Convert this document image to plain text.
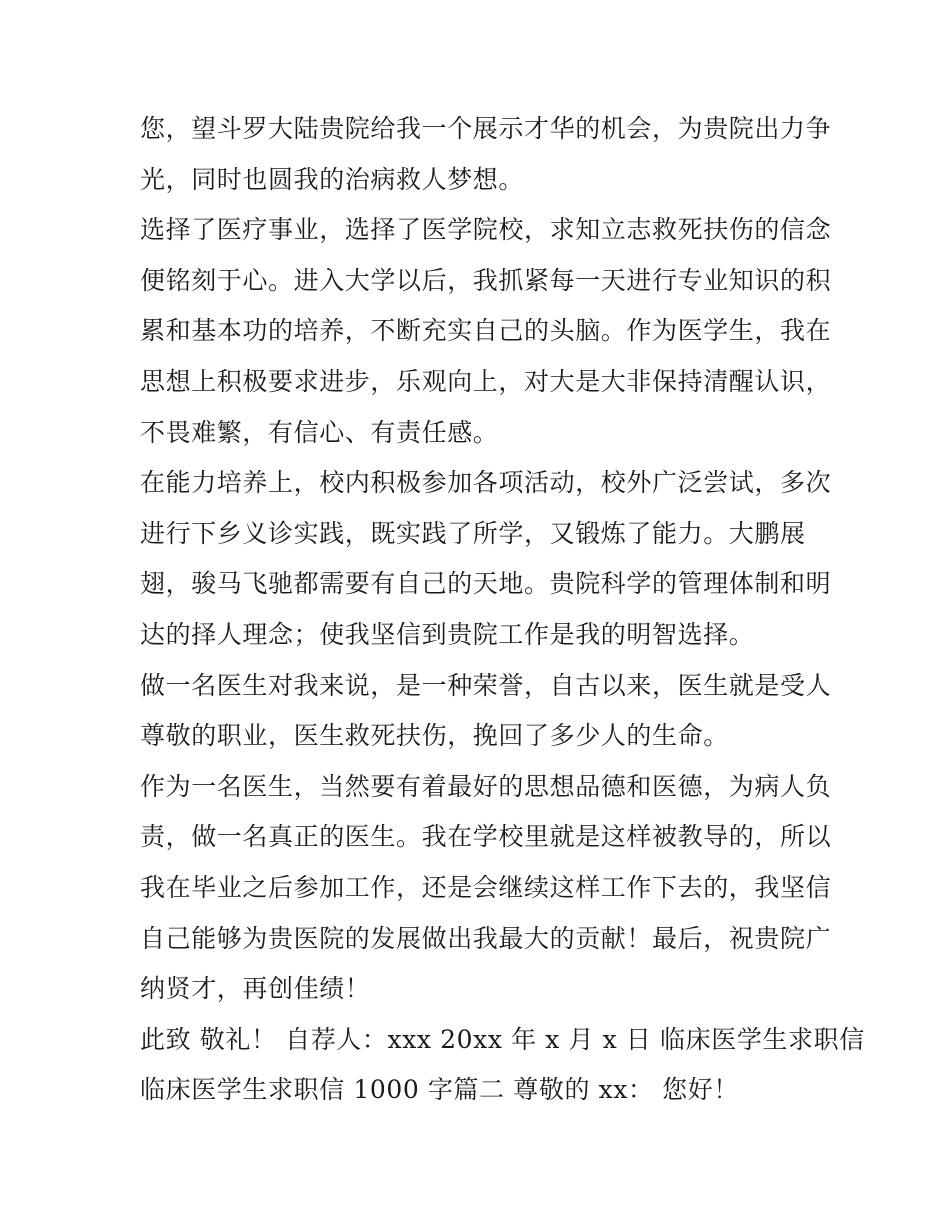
您，望斗罗大陆贵院给我一个展示才华的机会，为贵院出力争
光，同时也圆我的治病救人梦想。
选择了医疗事业，选择了医学院校，求知立志救死扶伤的信念
便铭刻于心。进入大学以后，我抓紧每一天进行专业知识的积
累和基本功的培养，不断充实自己的头脑。作为医学生，我在
思想上积极要求进步，乐观向上，对大是大非保持清醒认识，
不畏难繁，有信心、有责任感。
在能力培养上，校内积极参加各项活动，校外广泛尝试，多次
进行下乡义诊实践，既实践了所学，又锻炼了能力。大鹏展
翅，骏马飞驰都需要有自己的天地。贵院科学的管理体制和明
达的择人理念；使我坚信到贵院工作是我的明智选择。
做一名医生对我来说，是一种荣誉，自古以来，医生就是受人
尊敬的职业，医生救死扶伤，挽回了多少人的生命。
作为一名医生，当然要有着最好的思想品德和医德，为病人负
责，做一名真正的医生。我在学校里就是这样被教导的，所以
我在毕业之后参加工作，还是会继续这样工作下去的，我坚信
自己能够为贵医院的发展做出我最大的贡献！最后，祝贵院广
纳贤才，再创佳绩！
此致 敬礼！ 自荐人：xxx 20xx 年 x 月 x 日 临床医学生求职信
临床医学生求职信 1000 字篇二 尊敬的 xx： 您好！
